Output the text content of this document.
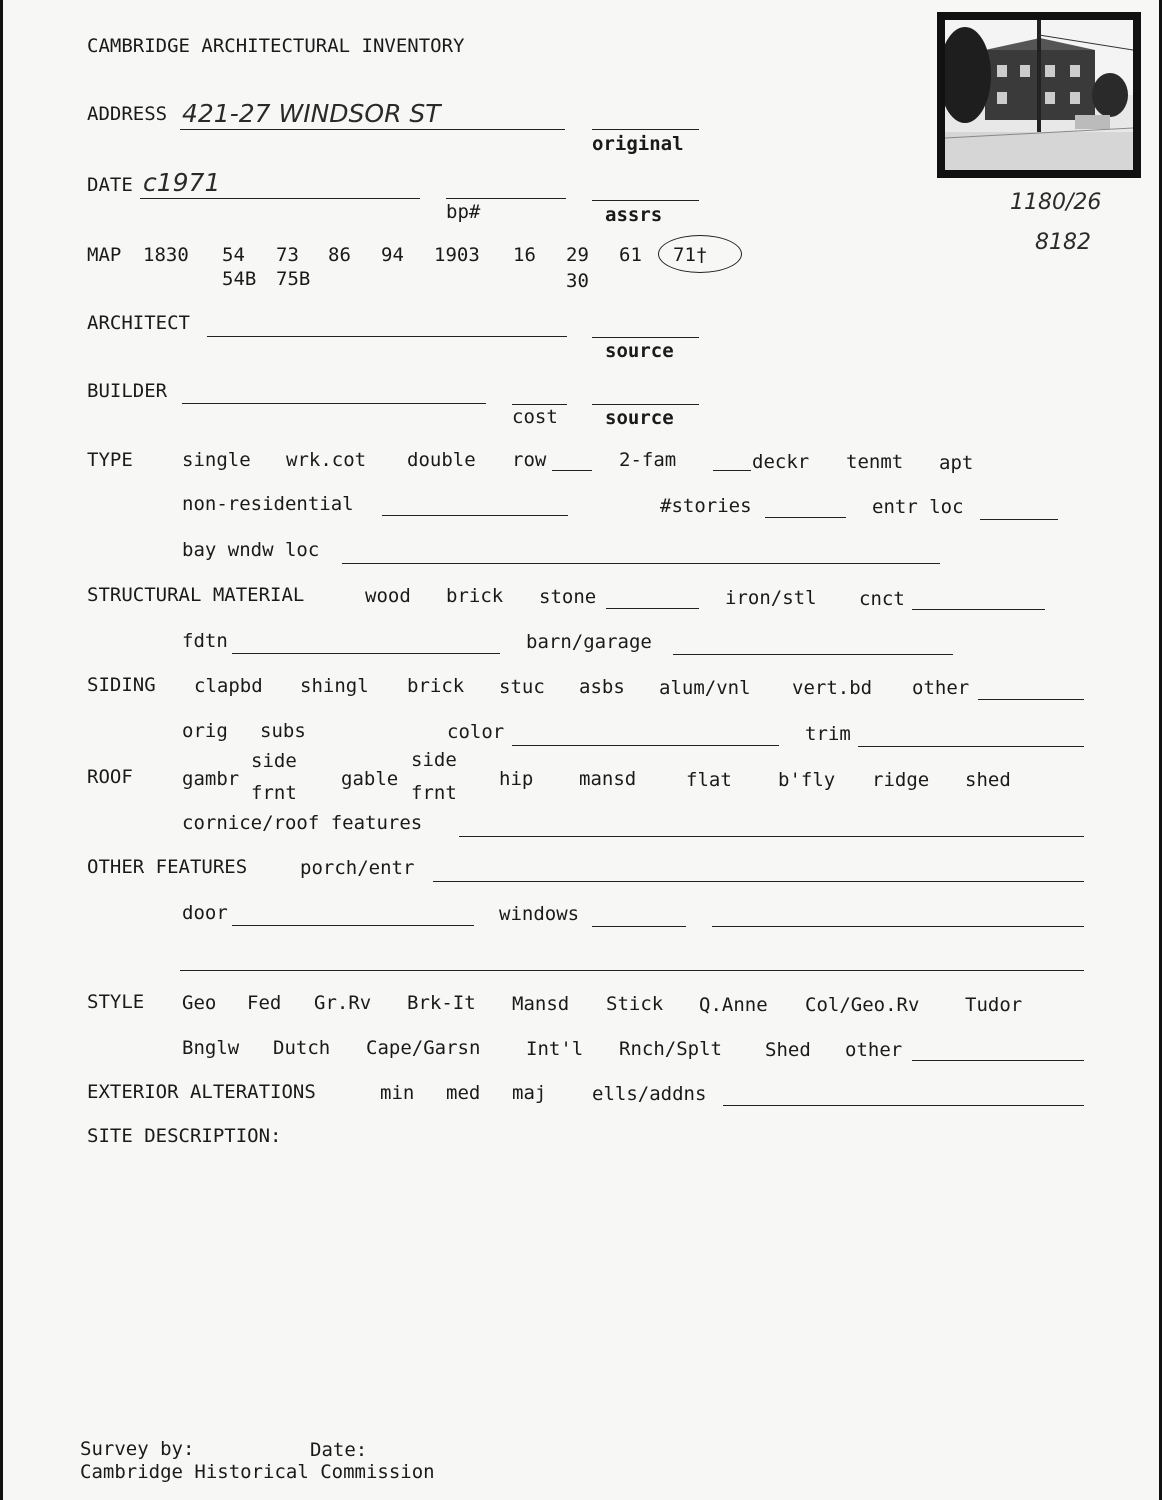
CAMBRIDGE ARCHITECTURAL INVENTORY
1180/26
8182
ADDRESS 421-27 WINDSOR ST
original
DATE c1971
bp#	assrs
MAP 1830 54 73 86 94 1903 16 29 61 71†
54B 75B	30
ARCHITECT
source
BUILDER
cost source
TYPE	single wrk.cot double row	2-fam	deckr tenmt apt
non-residential	#stories	entr loc
bay wndw loc
STRUCTURAL MATERIAL	wood brick stone	iron/stl cnct
fdtn	barn/garage
SIDING clapbd shingl brick stuc asbs alum/vnl vert.bd other
orig subs	color	trim
ROOF	gambr
side
frnt
gable
side
frnt
hip mansd	flat b'fly ridge shed
cornice/roof features
OTHER FEATURES	porch/entr
door	windows
STYLE Geo Fed Gr.Rv Brk-It Mansd Stick Q.Anne Col/Geo.Rv Tudor
Bnglw Dutch Cape/Garsn Int'l Rnch/Splt Shed other
EXTERIOR ALTERATIONS	min med maj ells/addns
SITE DESCRIPTION:
Survey by:	Date:
Cambridge Historical Commission
